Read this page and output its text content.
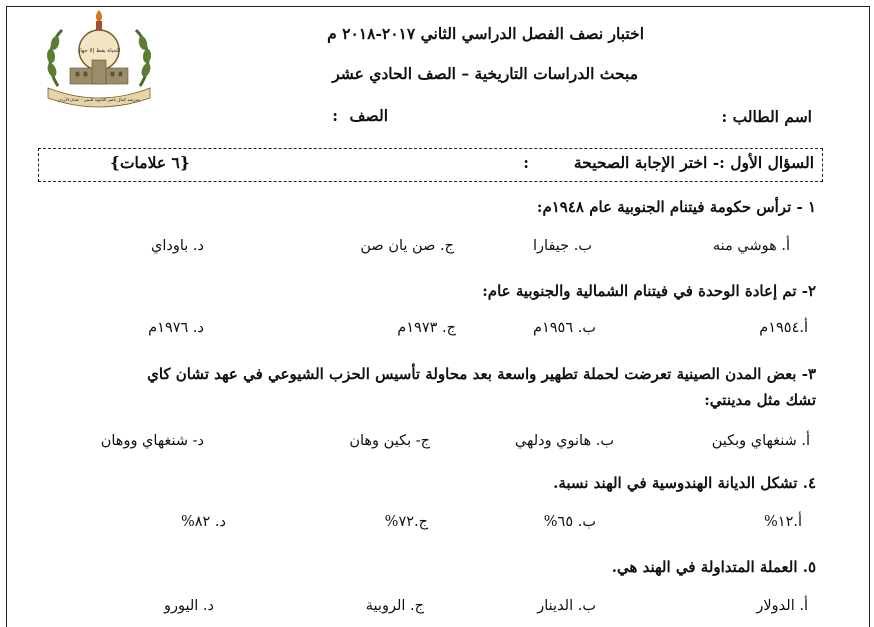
الحياة يقظ إلا جهاد
مدرسة كمال ناصر الثانوية للبنين - عمان الأردن
اختبار نصف الفصل الدراسي الثاني ٢٠١٧-٢٠١٨ م
مبحث الدراسات التاريخية – الصف الحادي عشر
اسم الطالب :
الصف
:
السؤال الأول :- اختر الإجابة الصحيحة
:
{٦ علامات}
١ - ترأس حكومة فيتنام الجنوبية عام ١٩٤٨م:
أ. هوشي منه
ب. جيفارا
ج. صن يان صن
د. باوداي
٢- تم إعادة الوحدة في فيتنام الشمالية والجنوبية عام:
أ.١٩٥٤م
ب. ١٩٥٦م
ج. ١٩٧٣م
د. ١٩٧٦م
٣- بعض المدن الصينية تعرضت لحملة تطهير واسعة بعد محاولة تأسيس الحزب الشيوعي في عهد تشان كاي
تشك مثل مدينتي:
أ. شنغهاي وبكين
ب. هانوي ودلهي
ج- بكين وهان
د- شنغهاي ووهان
٤. تشكل الديانة الهندوسية في الهند نسبة.
أ.١٢%
ب. ٦٥%
ج.٧٢%
د. ٨٢%
٥. العملة المتداولة في الهند هي.
أ. الدولار
ب. الدينار
ج. الروبية
د. اليورو
